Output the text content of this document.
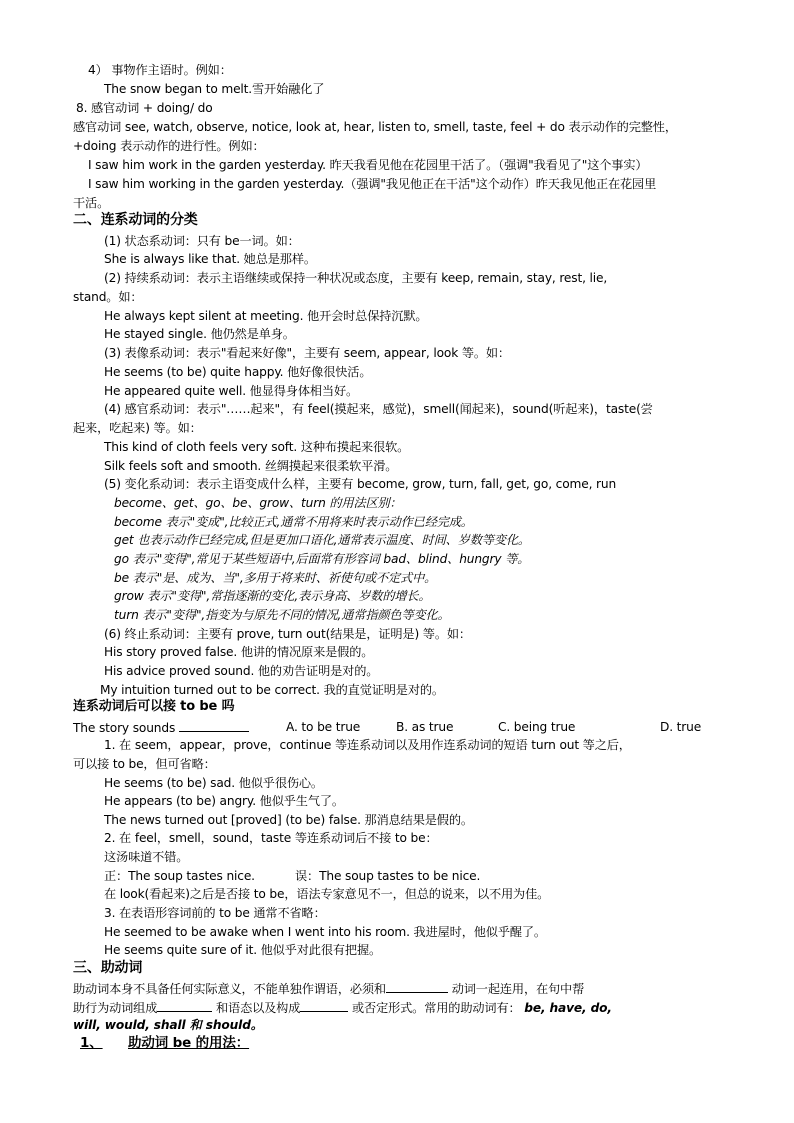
4） 事物作主语时。例如：
The snow began to melt.雪开始融化了
8. 感官动词 + doing/ do
感官动词 see, watch, observe, notice, look at, hear, listen to, smell, taste, feel + do 表示动作的完整性，
+doing 表示动作的进行性。例如：
I saw him work in the garden yesterday. 昨天我看见他在花园里干活了。（强调"我看见了"这个事实）
I saw him working in the garden yesterday.（强调"我见他正在干活"这个动作）昨天我见他正在花园里
干活。
二、连系动词的分类
(1) 状态系动词：只有 be一词。如：
She is always like that. 她总是那样。
(2) 持续系动词：表示主语继续或保持一种状况或态度，主要有 keep, remain, stay, rest, lie,
stand。如：
He always kept silent at meeting. 他开会时总保持沉默。
He stayed single. 他仍然是单身。
(3) 表像系动词：表示"看起来好像"，主要有 seem, appear, look 等。如：
He seems (to be) quite happy. 他好像很快活。
He appeared quite well. 他显得身体相当好。
(4) 感官系动词：表示"……起来"，有 feel(摸起来，感觉)，smell(闻起来)，sound(听起来)，taste(尝
起来，吃起来) 等。如：
This kind of cloth feels very soft. 这种布摸起来很软。
Silk feels soft and smooth. 丝绸摸起来很柔软平滑。
(5) 变化系动词：表示主语变成什么样，主要有 become, grow, turn, fall, get, go, come, run
become、get、go、be、grow、turn 的用法区别：
become 表示"变成",比较正式,通常不用将来时表示动作已经完成。
get 也表示动作已经完成,但是更加口语化,通常表示温度、时间、岁数等变化。
go 表示"变得",常见于某些短语中,后面常有形容词 bad、blind、hungry 等。
be 表示"是、成为、当",多用于将来时、祈使句或不定式中。
grow 表示"变得",常指逐渐的变化,表示身高、岁数的增长。
turn 表示"变得",指变为与原先不同的情况,通常指颜色等变化。
(6) 终止系动词：主要有 prove, turn out(结果是，证明是) 等。如：
His story proved false. 他讲的情况原来是假的。
His advice proved sound. 他的劝告证明是对的。
My intuition turned out to be correct. 我的直觉证明是对的。
连系动词后可以接 to be 吗
The story sounds	A. to be true	B. as true	C. being true	D. true
1. 在 seem，appear，prove，continue 等连系动词以及用作连系动词的短语 turn out 等之后，
可以接 to be，但可省略：
He seems (to be) sad. 他似乎很伤心。
He appears (to be) angry. 他似乎生气了。
The news turned out [proved] (to be) false. 那消息结果是假的。
2. 在 feel，smell，sound，taste 等连系动词后不接 to be：
这汤味道不错。
正：The soup tastes nice.	误：The soup tastes to be nice.
在 look(看起来)之后是否接 to be，语法专家意见不一，但总的说来，以不用为佳。
3. 在表语形容词前的 to be 通常不省略：
He seemed to be awake when I went into his room. 我进屋时，他似乎醒了。
He seems quite sure of it. 他似乎对此很有把握。
三、助动词
助动词本身不具备任何实际意义，不能单独作谓语，必须和	动词一起连用，在句中帮
助行为动词组成	和语态以及构成	或否定形式。常用的助动词有： be, have, do,
will, would, shall 和 should。
1、	助动词 be 的用法：
